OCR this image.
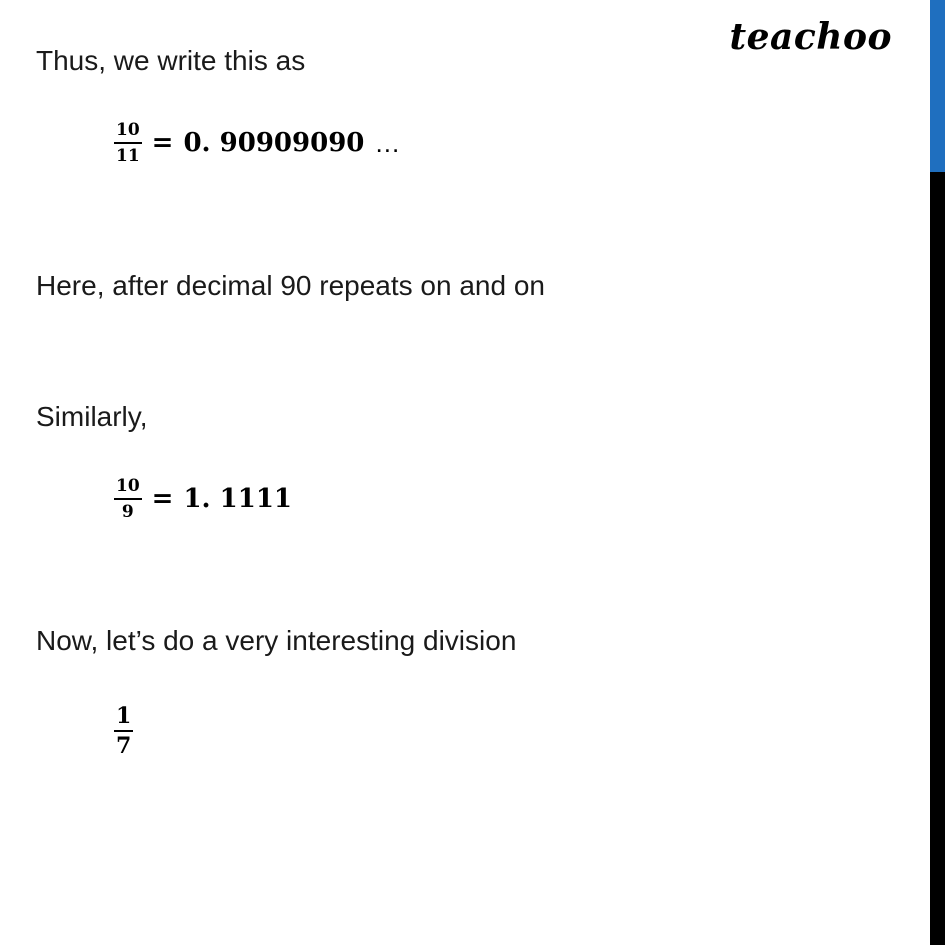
teachoo
Thus, we write this as
$\frac{10}{11} = 0$. 90909090 …
Here, after decimal 90 repeats on and on
Similarly,
$\frac{10}{9} = 1$. 1111
Now, let’s do a very interesting division
$\frac{1}{7}$
